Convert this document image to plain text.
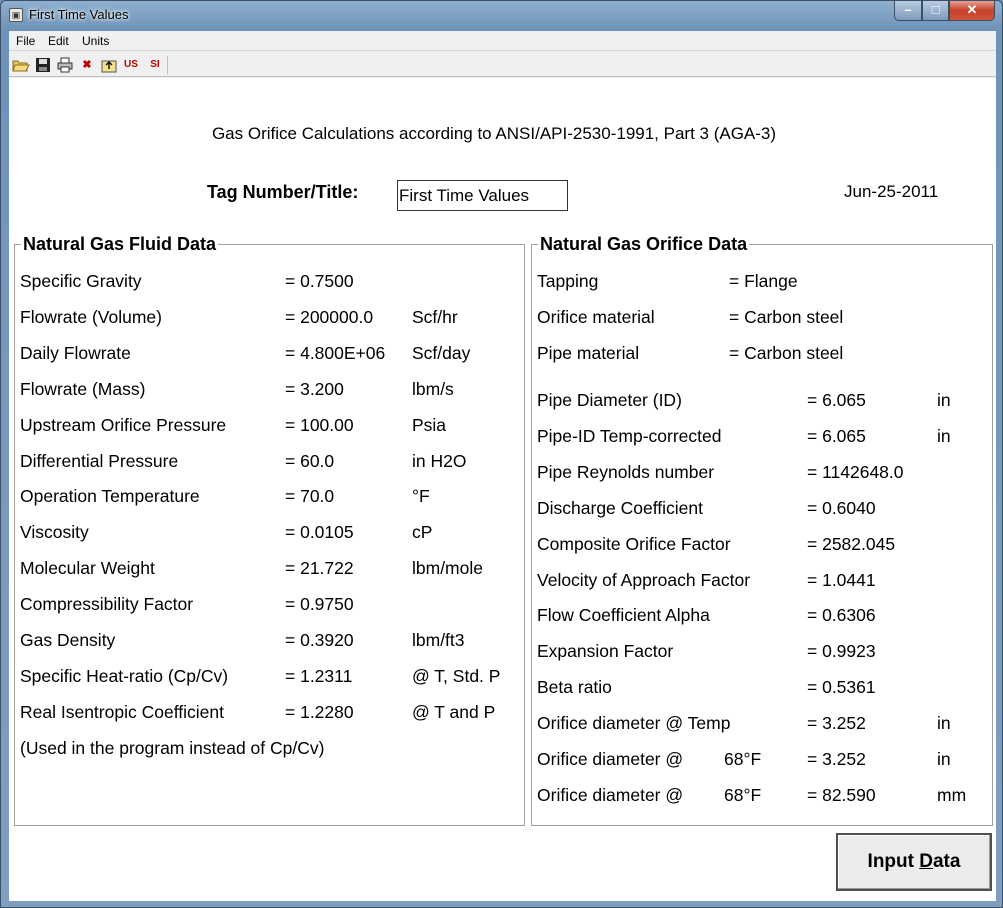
▣ First Time Values	–	□	✕
File Edit Units
✖	US	SI
Gas Orifice Calculations according to ANSI/API-2530-1991, Part 3 (AGA-3)
Tag Number/Title:
First Time Values	Jun-25-2011
Natural Gas Fluid Data
Specific Gravity	= 0.7500
Flowrate (Volume)	= 200000.0 Scf/hr
Daily Flowrate	= 4.800E+06 Scf/day
Flowrate (Mass)	= 3.200	lbm/s
Upstream Orifice Pressure	= 100.00	Psia
Differential Pressure	= 60.0	in H2O
Operation Temperature	= 70.0	°F
Viscosity	= 0.0105	cP
Molecular Weight	= 21.722	lbm/mole
Compressibility Factor	= 0.9750
Gas Density	= 0.3920	lbm/ft3
Specific Heat-ratio (Cp/Cv)	= 1.2311	@ T, Std. P
Real Isentropic Coefficient	= 1.2280	@ T and P
(Used in the program instead of Cp/Cv)
Natural Gas Orifice Data
Tapping	= Flange
Orifice material	= Carbon steel
Pipe material	= Carbon steel
Pipe Diameter (ID)	= 6.065	in
Pipe-ID Temp-corrected	= 6.065	in
Pipe Reynolds number	= 1142648.0
Discharge Coefficient	= 0.6040
Composite Orifice Factor	= 2582.045
Velocity of Approach Factor	= 1.0441
Flow Coefficient Alpha	= 0.6306
Expansion Factor	= 0.9923
Beta ratio	= 0.5361
Orifice diameter @ Temp	= 3.252	in
Orifice diameter @ 68°F	= 3.252	in
Orifice diameter @ 68°F	= 82.590	mm
Input Data
